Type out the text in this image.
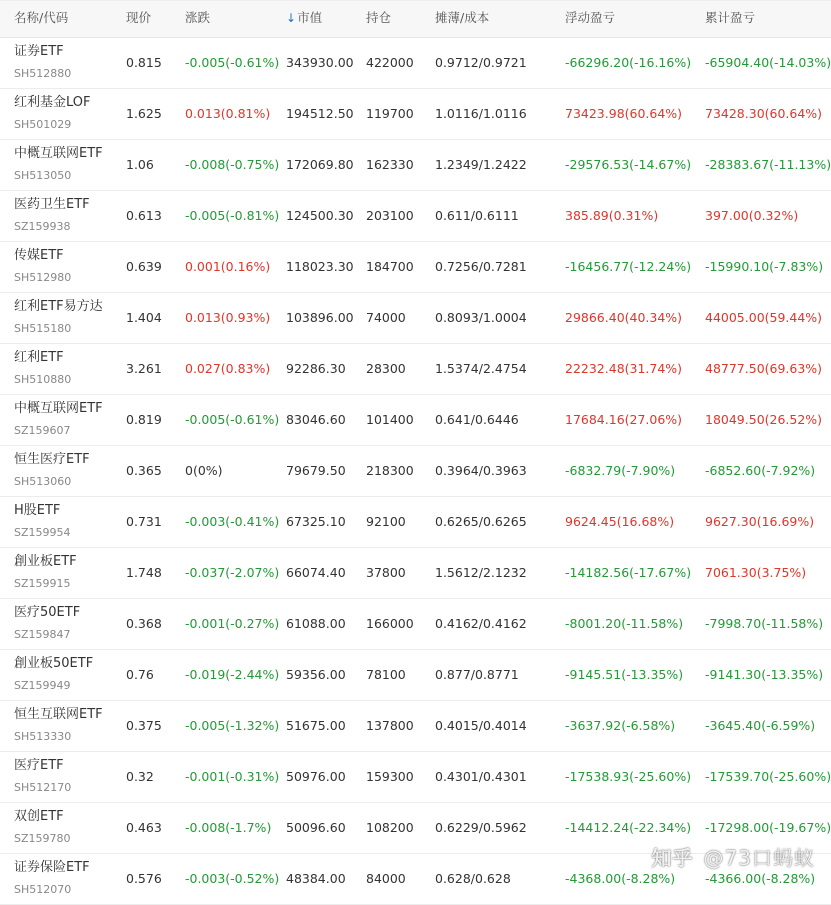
名称/代码	现价	涨跌	↓市值	持仓	摊薄/成本	浮动盈亏	累计盈亏
证券ETF
SH512880
0.815 -0.005(-0.61%) 343930.00 422000 0.9712/0.9721	-66296.20(-16.16%) -65904.40(-14.03%)
红利基金LOF
SH501029
1.625 0.013(0.81%) 194512.50 119700 1.0116/1.0116	73423.98(60.64%) 73428.30(60.64%)
中概互联网ETF
SH513050
1.06 -0.008(-0.75%) 172069.80 162330 1.2349/1.2422	-29576.53(-14.67%) -28383.67(-11.13%)
医药卫生ETF
SZ159938
0.613 -0.005(-0.81%) 124500.30 203100 0.611/0.6111	385.89(0.31%)	397.00(0.32%)
传媒ETF
SH512980
0.639 0.001(0.16%) 118023.30 184700 0.7256/0.7281	-16456.77(-12.24%) -15990.10(-7.83%)
红利ETF易方达
SH515180
1.404 0.013(0.93%) 103896.00 74000 0.8093/1.0004	29866.40(40.34%) 44005.00(59.44%)
红利ETF
SH510880
3.261 0.027(0.83%) 92286.30 28300 1.5374/2.4754	22232.48(31.74%) 48777.50(69.63%)
中概互联网ETF
SZ159607
0.819 -0.005(-0.61%) 83046.60 101400 0.641/0.6446	17684.16(27.06%) 18049.50(26.52%)
恒生医疗ETF
SH513060
0.365 0(0%)	79679.50 218300 0.3964/0.3963	-6832.79(-7.90%) -6852.60(-7.92%)
H股ETF
SZ159954
0.731 -0.003(-0.41%) 67325.10 92100 0.6265/0.6265	9624.45(16.68%) 9627.30(16.69%)
創业板ETF
SZ159915
1.748 -0.037(-2.07%) 66074.40 37800 1.5612/2.1232	-14182.56(-17.67%) 7061.30(3.75%)
医疗50ETF
SZ159847
0.368 -0.001(-0.27%) 61088.00 166000 0.4162/0.4162	-8001.20(-11.58%) -7998.70(-11.58%)
創业板50ETF
SZ159949
0.76 -0.019(-2.44%) 59356.00 78100 0.877/0.8771	-9145.51(-13.35%) -9141.30(-13.35%)
恒生互联网ETF
SH513330
0.375 -0.005(-1.32%) 51675.00 137800 0.4015/0.4014	-3637.92(-6.58%) -3645.40(-6.59%)
医疗ETF
SH512170
0.32 -0.001(-0.31%) 50976.00 159300 0.4301/0.4301	-17538.93(-25.60%) -17539.70(-25.60%)
双创ETF
SZ159780
0.463 -0.008(-1.7%) 50096.60 108200 0.6229/0.5962	-14412.24(-22.34%) -17298.00(-19.67%)
证券保险ETF
SH512070
0.576 -0.003(-0.52%) 48384.00 84000 0.628/0.628	-4368.00(-8.28%) -4366.00(-8.28%)
知乎 @73口蚂蚁
